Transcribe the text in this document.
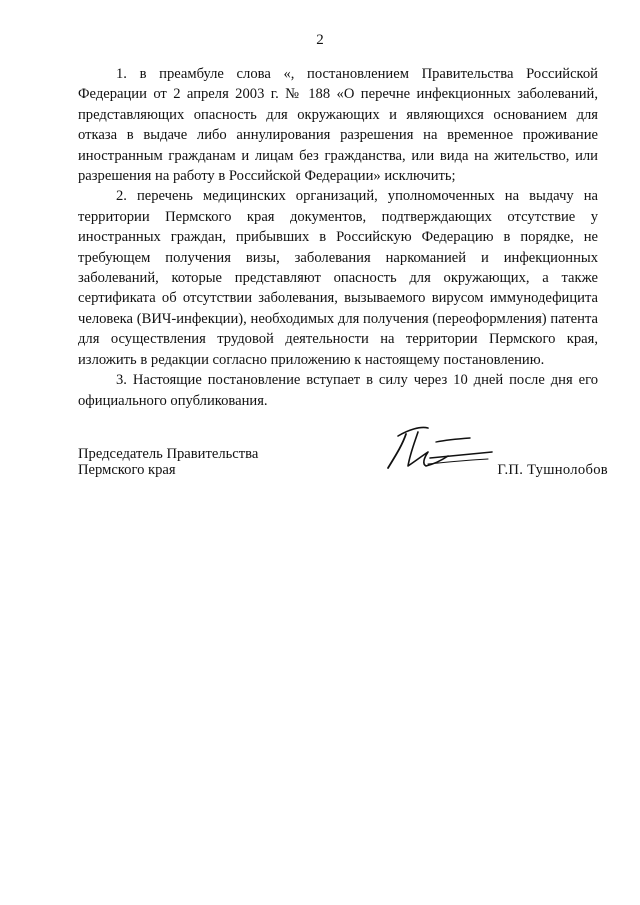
2

1. в преамбуле слова «, постановлением Правительства Российской Федерации от 2 апреля 2003 г. № 188 «О перечне инфекционных заболеваний, представляющих опасность для окружающих и являющихся основанием для отказа в выдаче либо аннулирования разрешения на временное проживание иностранным гражданам и лицам без гражданства, или вида на жительство, или разрешения на работу в Российской Федерации» исключить;

2. перечень медицинских организаций, уполномоченных на выдачу на территории Пермского края документов, подтверждающих отсутствие у иностранных граждан, прибывших в Российскую Федерацию в порядке, не требующем получения визы, заболевания наркоманией и инфекционных заболеваний, которые представляют опасность для окружающих, а также сертификата об отсутствии заболевания, вызываемого вирусом иммунодефицита человека (ВИЧ-инфекции), необходимых для получения (переоформления) патента для осуществления трудовой деятельности на территории Пермского края, изложить в редакции согласно приложению к настоящему постановлению.

3. Настоящие постановление вступает в силу через 10 дней после дня его официального опубликования.

Председатель Правительства
Пермского края	Г.П. Тушнолобов
